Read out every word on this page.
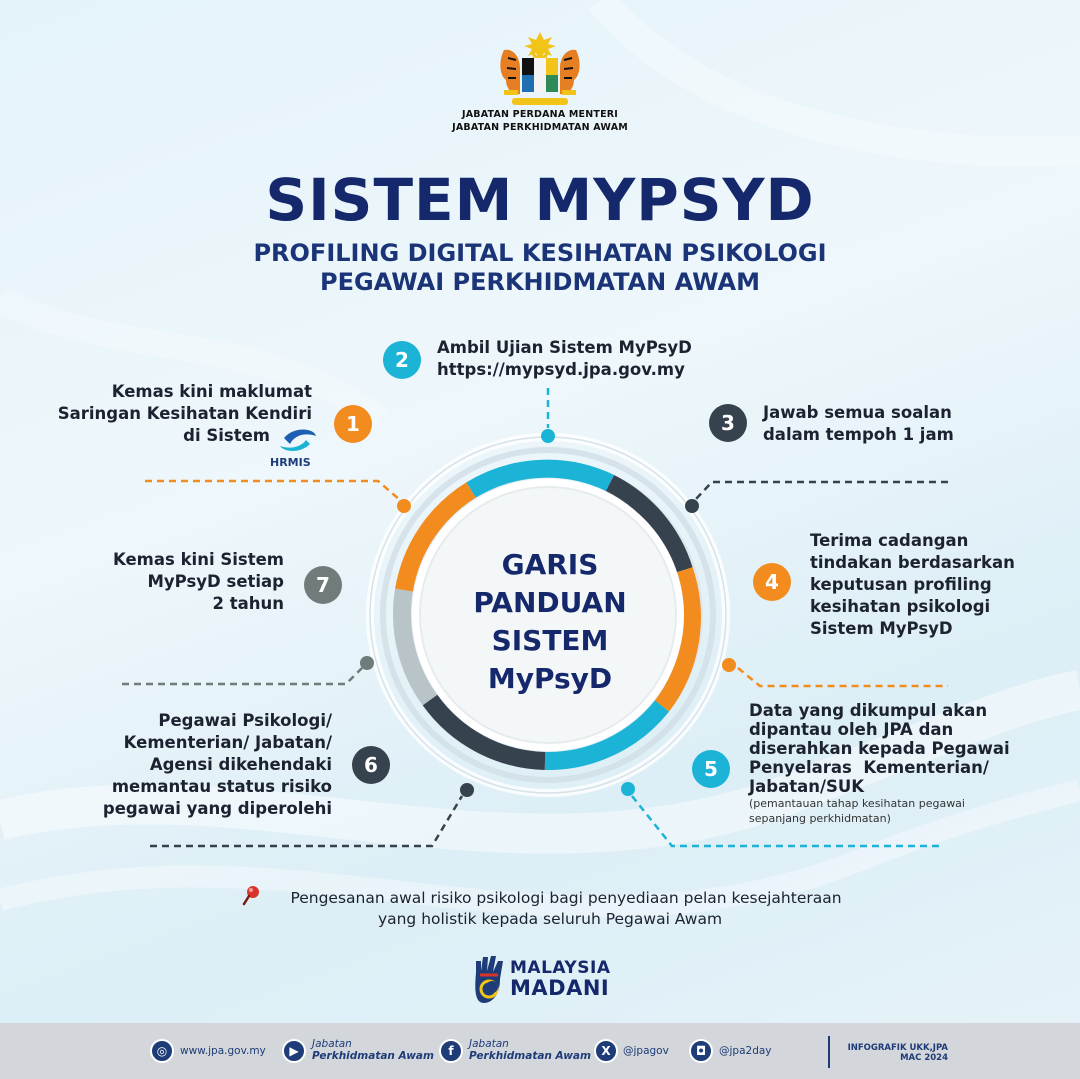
JABATAN PERDANA MENTERI
JABATAN PERKHIDMATAN AWAM
SISTEM MYPSYD
PROFILING DIGITAL KESIHATAN PSIKOLOGI
PEGAWAI PERKHIDMATAN AWAM
GARIS
PANDUAN
SISTEM
MyPsyD
Kemas kini maklumat
Saringan Kesihatan Kendiri
di Sistem
HRMIS
1
2
Ambil Ujian Sistem MyPsyD
https://mypsyd.jpa.gov.my
3	Jawab semua soalan
dalam tempoh 1 jam
4
Terima cadangan
tindakan berdasarkan
keputusan profiling
kesihatan psikologi
Sistem MyPsyD
5
Data yang dikumpul akan
dipantau oleh JPA dan
diserahkan kepada Pegawai
Penyelaras  Kementerian/
Jabatan/SUK
(pemantauan tahap kesihatan pegawai
sepanjang perkhidmatan)
Pegawai Psikologi/
Kementerian/ Jabatan/
Agensi dikehendaki
memantau status risiko
pegawai yang diperolehi
6
Kemas kini Sistem
MyPsyD setiap
2 tahun
7
Pengesanan awal risiko psikologi bagi penyediaan pelan kesejahteraan
yang holistik kepada seluruh Pegawai Awam
MALAYSIA
MADANI
◎	www.jpa.gov.my	▶	Jabatan
Perkhidmatan Awam	f	Jabatan
Perkhidmatan Awam X	@jpagov	◘	@jpa2day	INFOGRAFIK UKK,JPA
MAC 2024
